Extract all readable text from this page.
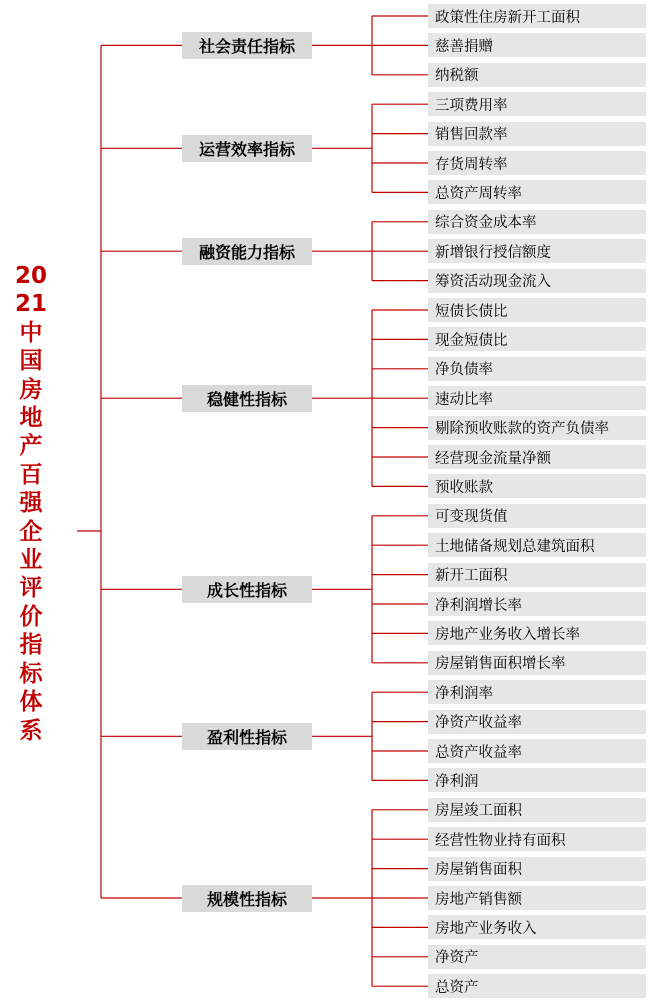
2021中国房地产百强企业评价指标体系
政策性住房新开工面积
慈善捐赠
纳税额
社会责任指标
三项费用率
销售回款率
存货周转率
总资产周转率
运营效率指标
综合资金成本率
新增银行授信额度
筹资活动现金流入
融资能力指标
短债长债比
现金短债比
净负债率
速动比率
剔除预收账款的资产负债率
经营现金流量净额
预收账款
稳健性指标
可变现货值
土地储备规划总建筑面积
新开工面积
净利润增长率
房地产业务收入增长率
房屋销售面积增长率
成长性指标
净利润率
净资产收益率
总资产收益率
净利润
盈利性指标
房屋竣工面积
经营性物业持有面积
房屋销售面积
房地产销售额
房地产业务收入
净资产
总资产
规模性指标
